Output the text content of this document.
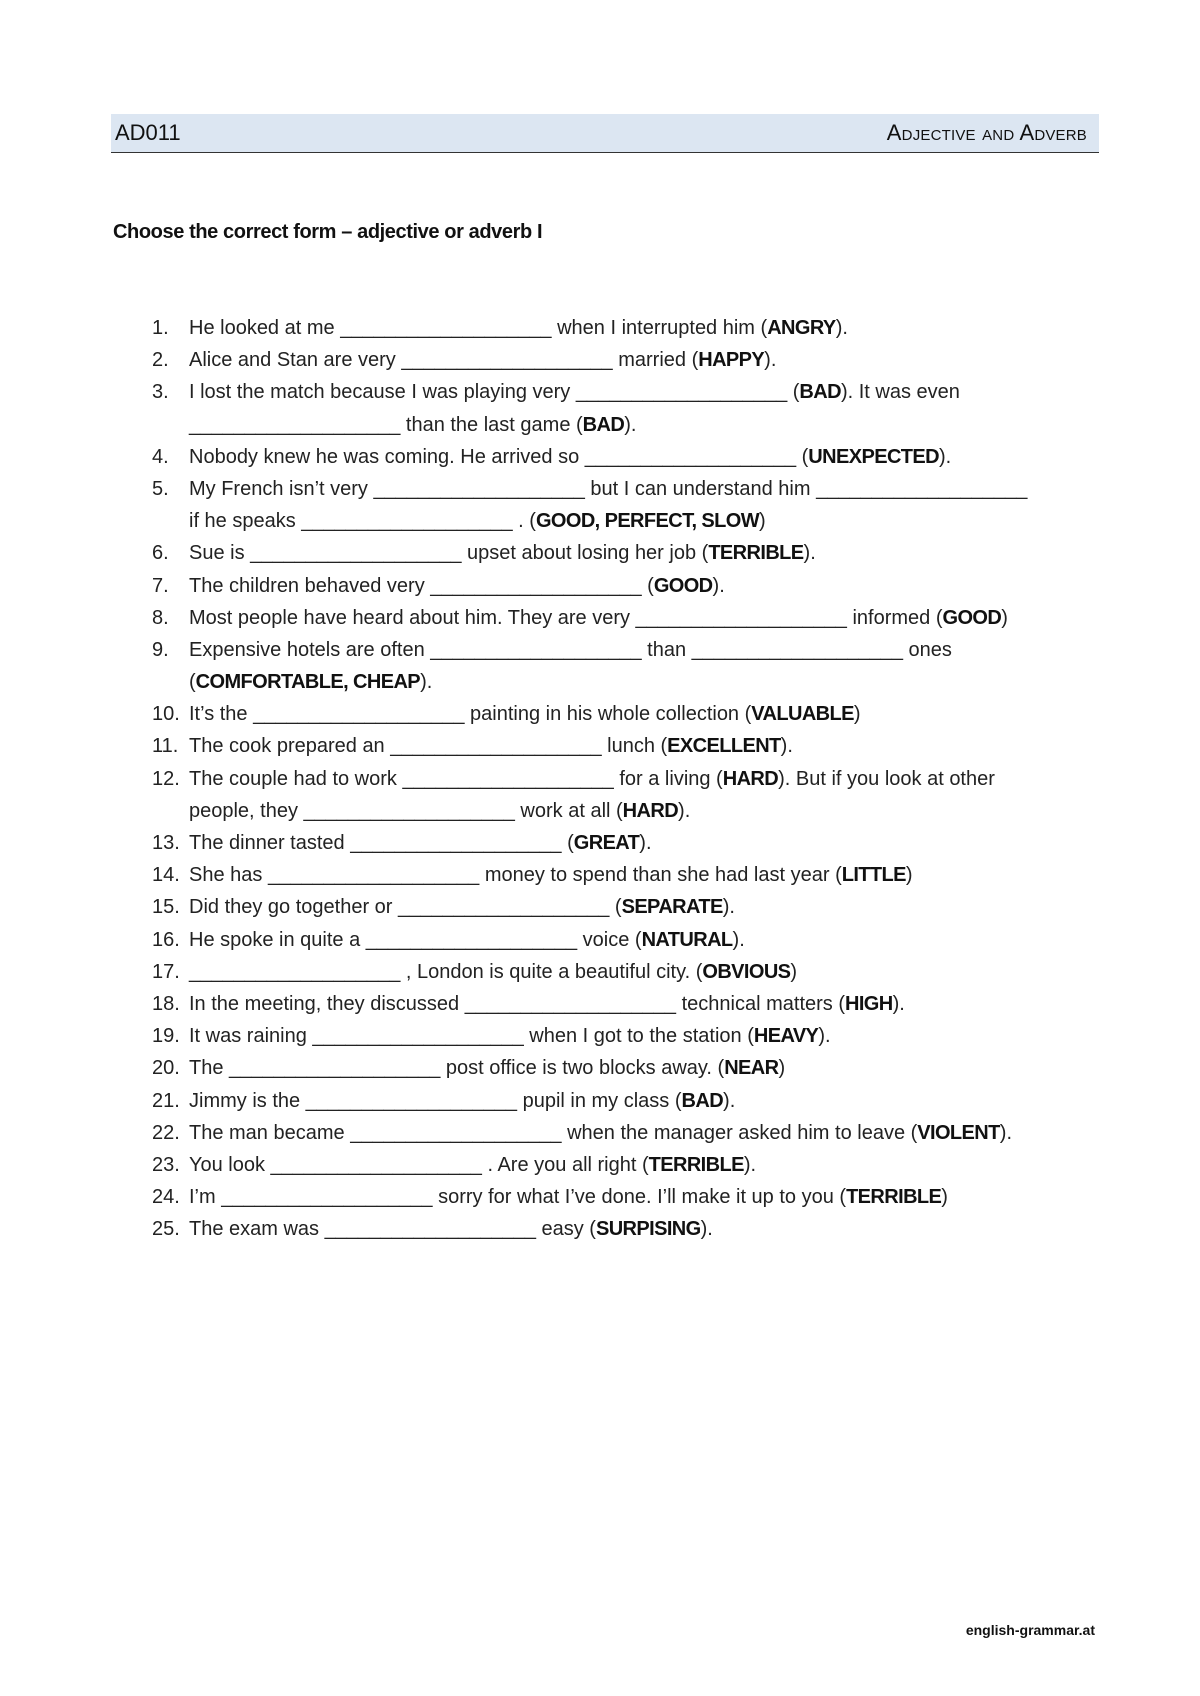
AD011	Adjective and Adverb
Choose the correct form – adjective or adverb I
1.	He looked at me ___________________ when I interrupted him (ANGRY).
2.	Alice and Stan are very ___________________ married (HAPPY).
3.	I lost the match because I was playing very ___________________ (BAD). It was even
___________________ than the last game (BAD).
4.	Nobody knew he was coming. He arrived so ___________________ (UNEXPECTED).
5.	My French isn’t very ___________________ but I can understand him ___________________
if he speaks ___________________ . (GOOD, PERFECT, SLOW)
6.	Sue is ___________________ upset about losing her job (TERRIBLE).
7.	The children behaved very ___________________ (GOOD).
8.	Most people have heard about him. They are very ___________________ informed (GOOD)
9.	Expensive hotels are often ___________________ than ___________________ ones
(COMFORTABLE, CHEAP).
10. It’s the ___________________ painting in his whole collection (VALUABLE)
11. The cook prepared an ___________________ lunch (EXCELLENT).
12. The couple had to work ___________________ for a living (HARD). But if you look at other
people, they ___________________ work at all (HARD).
13. The dinner tasted ___________________ (GREAT).
14. She has ___________________ money to spend than she had last year (LITTLE)
15. Did they go together or ___________________ (SEPARATE).
16. He spoke in quite a ___________________ voice (NATURAL).
17. ___________________ , London is quite a beautiful city. (OBVIOUS)
18. In the meeting, they discussed ___________________ technical matters (HIGH).
19. It was raining ___________________ when I got to the station (HEAVY).
20. The ___________________ post office is two blocks away. (NEAR)
21. Jimmy is the ___________________ pupil in my class (BAD).
22. The man became ___________________ when the manager asked him to leave (VIOLENT).
23. You look ___________________ . Are you all right (TERRIBLE).
24. I’m ___________________ sorry for what I’ve done. I’ll make it up to you (TERRIBLE)
25. The exam was ___________________ easy (SURPISING).
english-grammar.at
